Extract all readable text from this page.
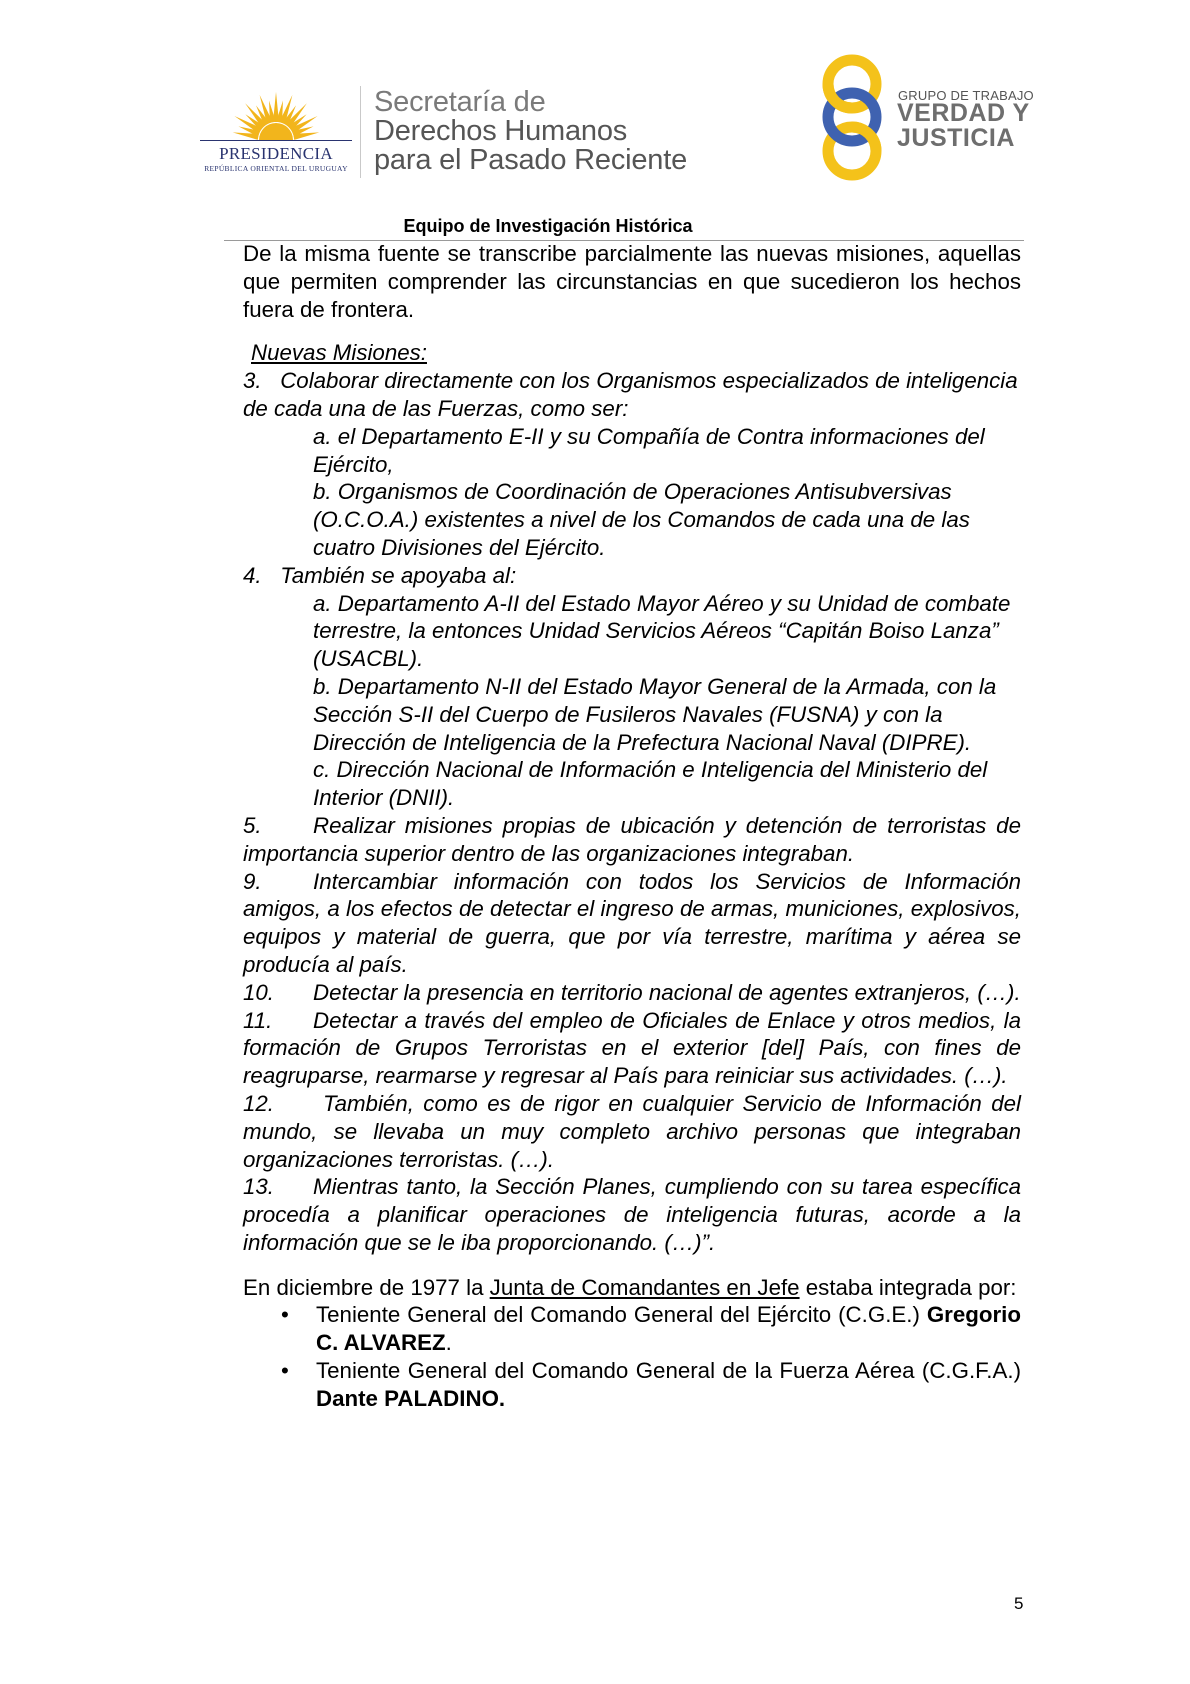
PRESIDENCIA
REPÚBLICA ORIENTAL DEL URUGUAY
Secretaría de
Derechos Humanos
para el Pasado Reciente
GRUPO DE TRABAJO
VERDAD Y
JUSTICIA
Equipo de Investigación Histórica

De la misma fuente se transcribe parcialmente las nuevas misiones, aquellas que permiten comprender las circunstancias en que sucedieron los hechos fuera de frontera.

Nuevas Misiones:

3. Colaborar directamente con los Organismos especializados de inteligencia de cada una de las Fuerzas, como ser:

a. el Departamento E-II y su Compañía de Contra informaciones del Ejército,

b. Organismos de Coordinación de Operaciones Antisubversivas (O.C.O.A.) existentes a nivel de los Comandos de cada una de las cuatro Divisiones del Ejército.

4. También se apoyaba al:

a. Departamento A-II del Estado Mayor Aéreo y su Unidad de combate terrestre, la entonces Unidad Servicios Aéreos “Capitán Boiso Lanza” (USACBL).

b. Departamento N-II del Estado Mayor General de la Armada, con la Sección S-II del Cuerpo de Fusileros Navales (FUSNA) y con la Dirección de Inteligencia de la Prefectura Nacional Naval (DIPRE).

c. Dirección Nacional de Información e Inteligencia del Ministerio del Interior (DNII).

5. Realizar misiones propias de ubicación y detención de terroristas de importancia superior dentro de las organizaciones integraban.

9. Intercambiar información con todos los Servicios de Información amigos, a los efectos de detectar el ingreso de armas, municiones, explosivos, equipos y material de guerra, que por vía terrestre, marítima y aérea se producía al país.

10. Detectar la presencia en territorio nacional de agentes extranjeros, (…).

11. Detectar a través del empleo de Oficiales de Enlace y otros medios, la formación de Grupos Terroristas en el exterior [del] País, con fines de reagruparse, rearmarse y regresar al País para reiniciar sus actividades. (…).

12. También, como es de rigor en cualquier Servicio de Información del mundo, se llevaba un muy completo archivo personas que integraban organizaciones terroristas. (…).

13. Mientras tanto, la Sección Planes, cumpliendo con su tarea específica procedía a planificar operaciones de inteligencia futuras, acorde a la información que se le iba proporcionando. (…)”.

En diciembre de 1977 la Junta de Comandantes en Jefe estaba integrada por:

• Teniente General del Comando General del Ejército (C.G.E.) Gregorio C. ALVAREZ.

• Teniente General del Comando General de la Fuerza Aérea (C.G.F.A.) Dante PALADINO.

5
